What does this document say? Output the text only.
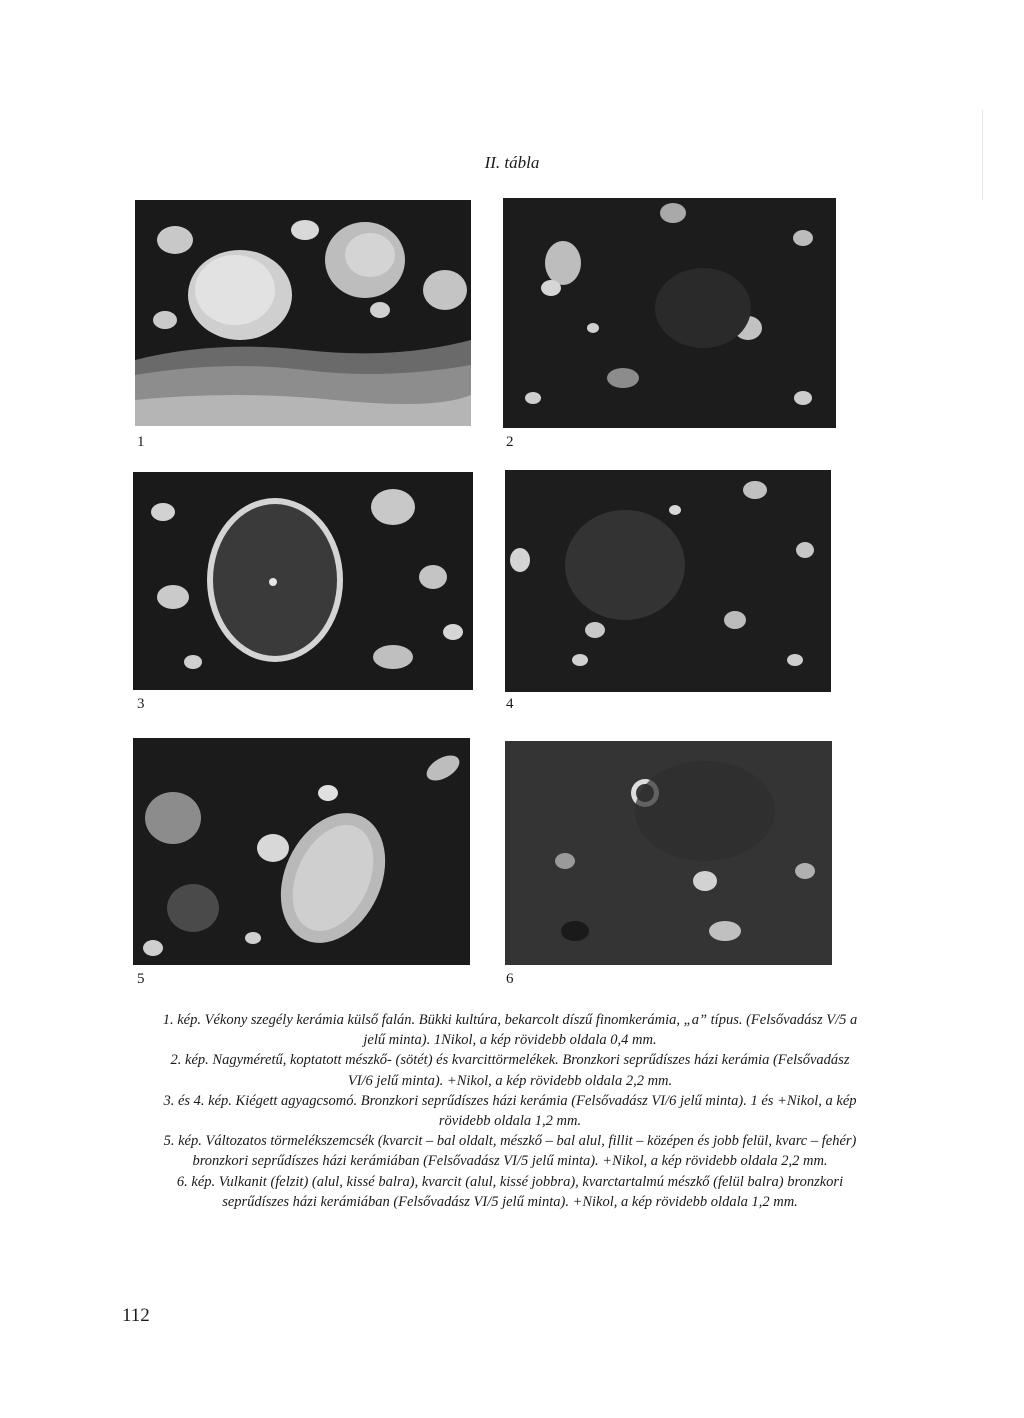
II. tábla
1	2
3	4
5	6

1. kép. Vékony szegély kerámia külső falán. Bükki kultúra, bekarcolt díszű finomkerámia, „a” típus. (Felsővadász V/5 a jelű minta). 1Nikol, a kép rövidebb oldala 0,4 mm.

2. kép. Nagyméretű, koptatott mészkő- (sötét) és kvarcittörmelékek. Bronzkori seprűdíszes házi kerámia (Felsővadász VI/6 jelű minta). +Nikol, a kép rövidebb oldala 2,2 mm.

3. és 4. kép. Kiégett agyagcsomó. Bronzkori seprűdíszes házi kerámia (Felsővadász VI/6 jelű minta). 1 és +Nikol, a kép rövidebb oldala 1,2 mm.

5. kép. Változatos törmelékszemcsék (kvarcit – bal oldalt, mészkő – bal alul, fillit – középen és jobb felül, kvarc – fehér) bronzkori seprűdíszes házi kerámiában (Felsővadász VI/5 jelű minta). +Nikol, a kép rövidebb oldala 2,2 mm.

6. kép. Vulkanit (felzit) (alul, kissé balra), kvarcit (alul, kissé jobbra), kvarctartalmú mészkő (felül balra) bronzkori seprűdíszes házi kerámiában (Felsővadász VI/5 jelű minta). +Nikol, a kép rövidebb oldala 1,2 mm.

112
